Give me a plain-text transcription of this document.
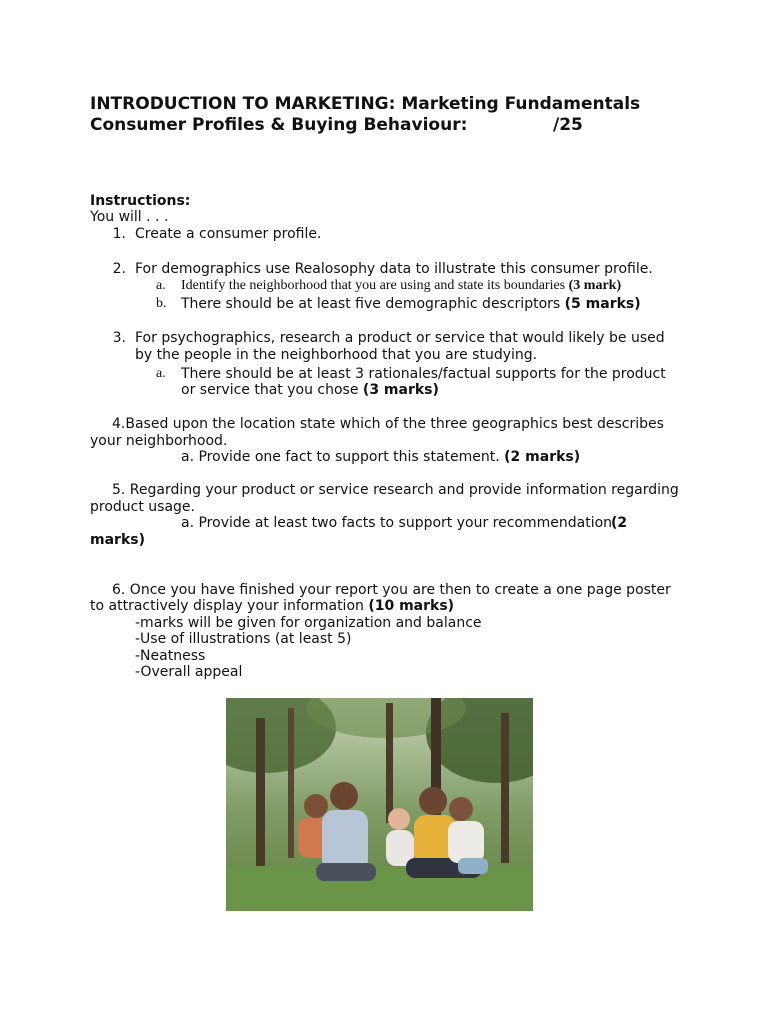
INTRODUCTION TO MARKETING: Marketing Fundamentals
Consumer Profiles & Buying Behaviour:	/25
Instructions:
You will . . .
1. Create a consumer profile.
2. For demographics use Realosophy data to illustrate this consumer profile.
a. Identify the neighborhood that you are using and state its boundaries (3 mark)
b. There should be at least five demographic descriptors (5 marks)
3. For psychographics, research a product or service that would likely be used
by the people in the neighborhood that you are studying.
a. There should be at least 3 rationales/factual supports for the product
or service that you chose (3 marks)
4.Based upon the location state which of the three geographics best describes
your neighborhood.
a. Provide one fact to support this statement. (2 marks)
5. Regarding your product or service research and provide information regarding
product usage.
a. Provide at least two facts to support your recommendation
(2
marks)
6. Once you have finished your report you are then to create a one page poster
to attractively display your information (10 marks)
-marks will be given for organization and balance
-Use of illustrations (at least 5)
-Neatness
-Overall appeal
